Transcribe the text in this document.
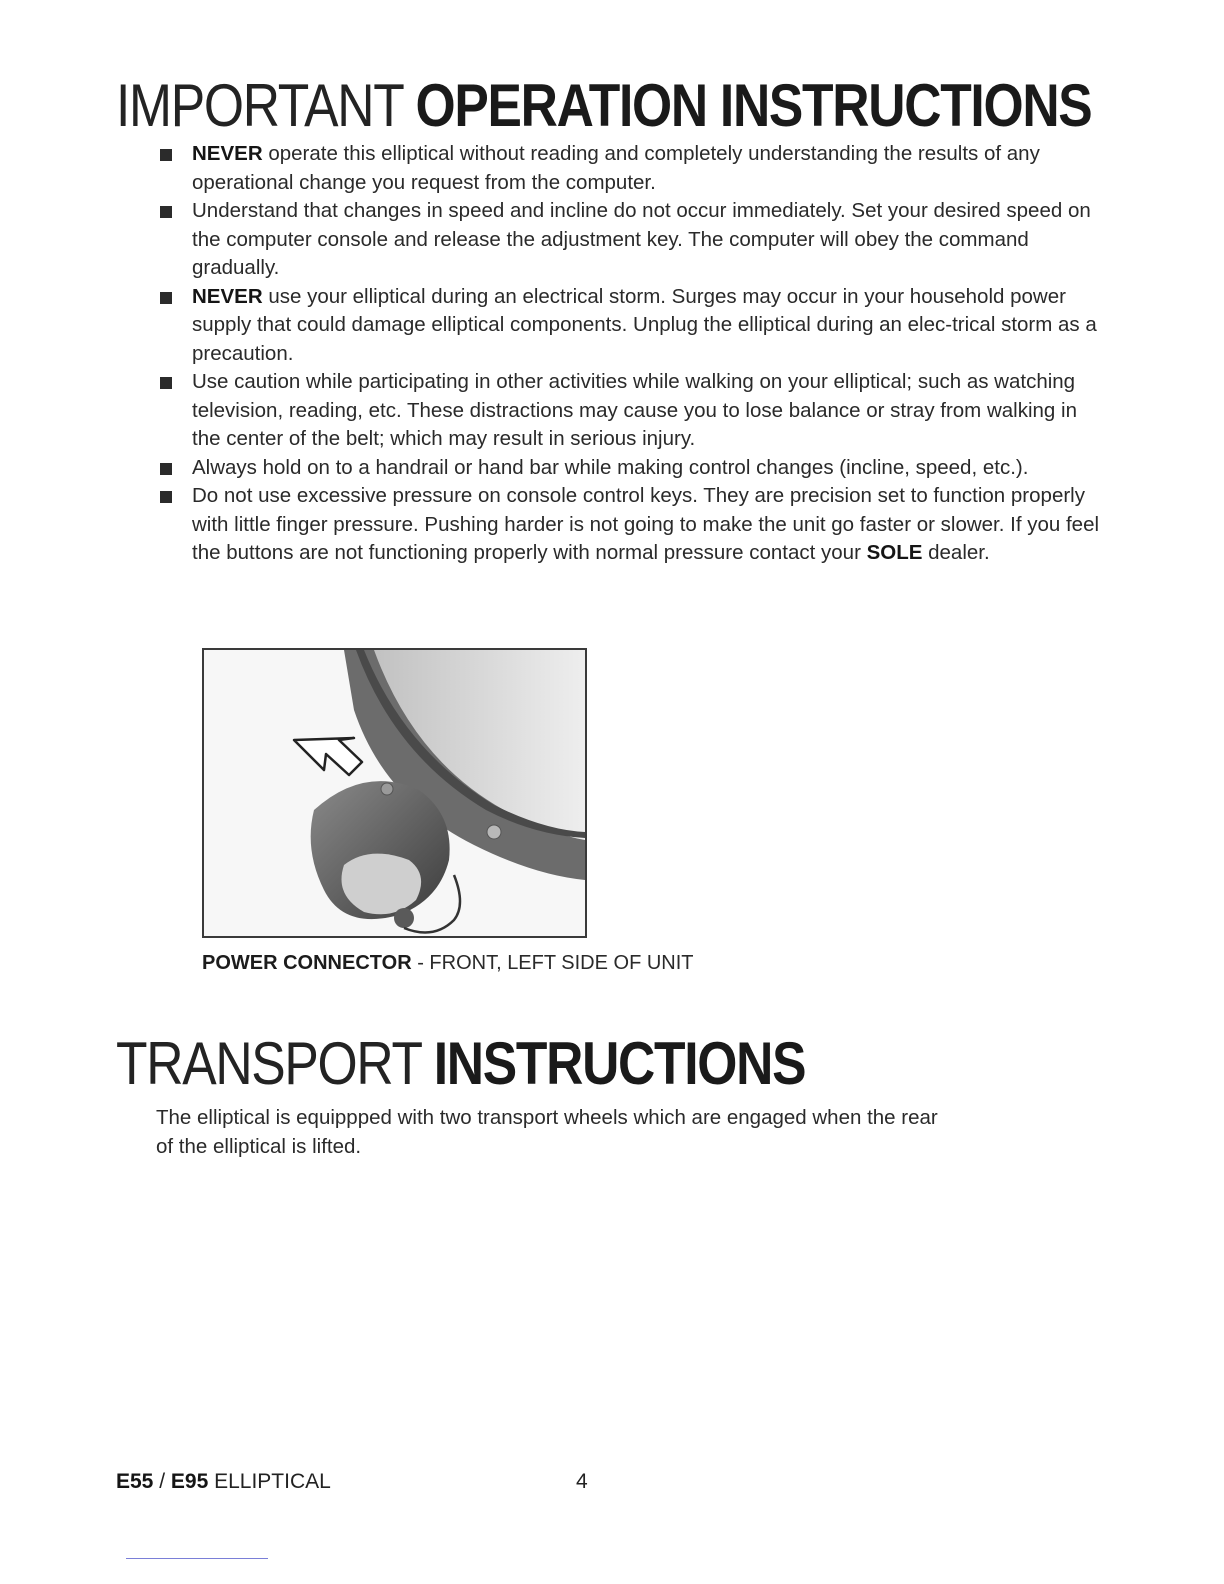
IMPORTANT OPERATION INSTRUCTIONS
NEVER operate this elliptical without reading and completely understanding the results of any operational change you request from the computer.
Understand that changes in speed and incline do not occur immediately. Set your desired speed on the computer console and release the adjustment key. The computer will obey the command gradually.
NEVER use your elliptical during an electrical storm. Surges may occur in your household power supply that could damage elliptical components. Unplug the elliptical during an elec-trical storm as a precaution.
Use caution while participating in other activities while walking on your elliptical; such as watching television, reading, etc. These distractions may cause you to lose balance or stray from walking in the center of the belt; which may result in serious injury.
Always hold on to a handrail or hand bar while making control changes (incline, speed, etc.).
Do not use excessive pressure on console control keys. They are precision set to function properly with little finger pressure. Pushing harder is not going to make the unit go faster or slower. If you feel the buttons are not functioning properly with normal pressure contact your SOLE dealer.
POWER CONNECTOR - FRONT, LEFT SIDE OF UNIT
TRANSPORT INSTRUCTIONS
The elliptical is equippped with two transport wheels which are engaged when the rear of the elliptical is lifted.
E55 / E95 ELLIPTICAL	4
